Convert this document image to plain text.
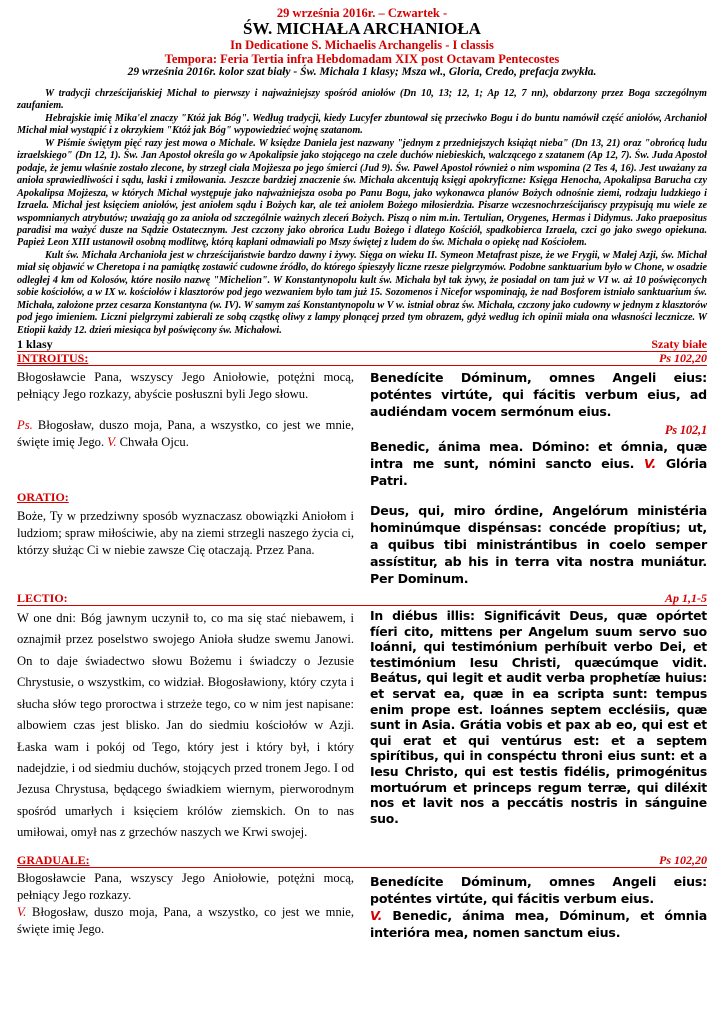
29 września 2016r. – Czwartek -
ŚW. MICHAŁA ARCHANIOŁA
In Dedicatione S. Michaelis Archangelis - I classis
Tempora: Feria Tertia infra Hebdomadam XIX post Octavam Pentecostes
29 września 2016r. kolor szat biały - Św. Michała 1 klasy; Msza wł., Gloria, Credo, prefacja zwykła.

W tradycji chrześcijańskiej Michał to pierwszy i najważniejszy spośród aniołów (Dn 10, 13; 12, 1; Ap 12, 7 nn), obdarzony przez Boga szczególnym zaufaniem.

Hebrajskie imię Mika'el znaczy "Któż jak Bóg". Według tradycji, kiedy Lucyfer zbuntował się przeciwko Bogu i do buntu namówił część aniołów, Archanioł Michał miał wystąpić i z okrzykiem "Któż jak Bóg" wypowiedzieć wojnę szatanom.

W Piśmie świętym pięć razy jest mowa o Michale. W księdze Daniela jest nazwany "jednym z przedniejszych książąt nieba" (Dn 13, 21) oraz "obrońcą ludu izraelskiego" (Dn 12, 1). Św. Jan Apostoł określa go w Apokalipsie jako stojącego na czele duchów niebieskich, walczącego z szatanem (Ap 12, 7). Św. Juda Apostoł podaje, że jemu właśnie zostało zlecone, by strzegł ciała Mojżesza po jego śmierci (Jud 9). Św. Paweł Apostoł również o nim wspomina (2 Tes 4, 16). Jest uważany za anioła sprawiedliwości i sądu, łaski i zmiłowania. Jeszcze bardziej znaczenie św. Michała akcentują księgi apokryficzne: Księga Henocha, Apokalipsa Barucha czy Apokalipsa Mojżesza, w których Michał występuje jako najważniejsza osoba po Panu Bogu, jako wykonawca planów Bożych odnośnie ziemi, rodzaju ludzkiego i Izraela. Michał jest księciem aniołów, jest aniołem sądu i Bożych kar, ale też aniołem Bożego miłosierdzia. Pisarze wczesnochrześcijańscy przypisują mu wiele ze wspomnianych atrybutów; uważają go za anioła od szczególnie ważnych zleceń Bożych. Piszą o nim m.in. Tertulian, Orygenes, Hermas i Didymus. Jako praepositus paradisi ma ważyć dusze na Sądzie Ostatecznym. Jest czczony jako obrońca Ludu Bożego i dlatego Kościół, spadkobierca Izraela, czci go jako swego opiekuna. Papież Leon XIII ustanowił osobną modlitwę, którą kapłani odmawiali po Mszy świętej z ludem do św. Michała o opiekę nad Kościołem.

Kult św. Michała Archanioła jest w chrześcijaństwie bardzo dawny i żywy. Sięga on wieku II. Symeon Metafrast pisze, że we Frygii, w Małej Azji, św. Michał miał się objawić w Cheretopa i na pamiątkę zostawić cudowne źródło, do którego śpieszyły liczne rzesze pielgrzymów. Podobne sanktuarium było w Chone, w osadzie odległej 4 km od Kolosów, które nosiło nazwę "Michelion". W Konstantynopolu kult św. Michała był tak żywy, że posiadał on tam już w VI w. aż 10 poświęconych sobie kościołów, a w IX w. kościołów i klasztorów pod jego wezwaniem było tam już 15. Sozomenos i Nicefor wspominają, że nad Bosforem istniało sanktuarium św. Michała, założone przez cesarza Konstantyna (w. IV). W samym zaś Konstantynopolu w V w. istniał obraz św. Michała, czczony jako cudowny w jednym z klasztorów pod jego imieniem. Liczni pielgrzymi zabierali ze sobą cząstkę oliwy z lampy płonącej przed tym obrazem, gdyż według ich opinii miała ona własności lecznicze. W Etiopii każdy 12. dzień miesiąca był poświęcony św. Michałowi.

1 klasy	Szaty białe
INTROITUS:	Ps 102,20
Błogosławcie Pana, wszyscy Jego Aniołowie, potężni mocą, pełniący Jego rozkazy, abyście posłuszni byli Jego słowu.
Ps. Błogosław, duszo moja, Pana, a wszystko, co jest we mnie, święte imię Jego. V. Chwała Ojcu.
Benedícite Dóminum, omnes Angeli eius: poténtes virtúte, qui fácitis verbum eius, ad audiéndam vocem sermónum eius.
Ps 102,1
Benedic, ánima mea. Dómino: et ómnia, quæ intra me sunt, nómini sancto eius. V. Glória Patri.
ORATIO:
Boże, Ty w przedziwny sposób wyznaczasz obowiązki Aniołom i ludziom; spraw miłościwie, aby na ziemi strzegli naszego życia ci, którzy służąc Ci w niebie zawsze Cię otaczają. Przez Pana.
Deus, qui, miro órdine, Angelórum ministéria hominúmque dispénsas: concéde propítius; ut, a quibus tibi ministrántibus in coelo semper assístitur, ab his in terra vita nostra muniátur. Per Dominum.
LECTIO:	Ap 1,1-5
W one dni: Bóg jawnym uczynił to, co ma się stać niebawem, i oznajmił przez poselstwo swojego Anioła słudze swemu Janowi. On to daje świadectwo słowu Bożemu i świadczy o Jezusie Chrystusie, o wszystkim, co widział. Błogosławiony, który czyta i słucha słów tego proroctwa i strzeże tego, co w nim jest napisane: albowiem czas jest blisko. Jan do siedmiu kościołów w Azji. Łaska wam i pokój od Tego, który jest i który był, i który nadejdzie, i od siedmiu duchów, stojących przed tronem Jego. I od Jezusa Chrystusa, będącego świadkiem wiernym, pierworodnym spośród umarłych i księciem królów ziemskich. On to nas umiłowai, omył nas z grzechów naszych we Krwi swojej.
In diébus illis: Significávit Deus, quæ opórtet fíeri cito, mittens per Angelum suum servo suo Ioánni, qui testimónium perhíbuit verbo Dei, et testimónium Iesu Christi, quæcúmque vidit. Beátus, qui legit et audit verba prophetíæ huius: et servat ea, quæ in ea scripta sunt: tempus enim prope est. Ioánnes septem ecclésiis, quæ sunt in Asia. Grátia vobis et pax ab eo, qui est et qui erat et qui ventúrus est: et a septem spirítibus, qui in conspéctu throni eius sunt: et a Iesu Christo, qui est testis fidélis, primogénitus mortuórum et princeps regum terræ, qui diléxit nos et lavit nos a peccátis nostris in sánguine suo.
GRADUALE:	Ps 102,20
Błogosławcie Pana, wszyscy Jego Aniołowie, potężni mocą, pełniący Jego rozkazy.
V. Błogosław, duszo moja, Pana, a wszystko, co jest we mnie, święte imię Jego.
Benedícite Dóminum, omnes Angeli eius: poténtes virtúte, qui fácitis verbum eius.
V. Benedic, ánima mea, Dóminum, et ómnia interióra mea, nomen sanctum eius.
